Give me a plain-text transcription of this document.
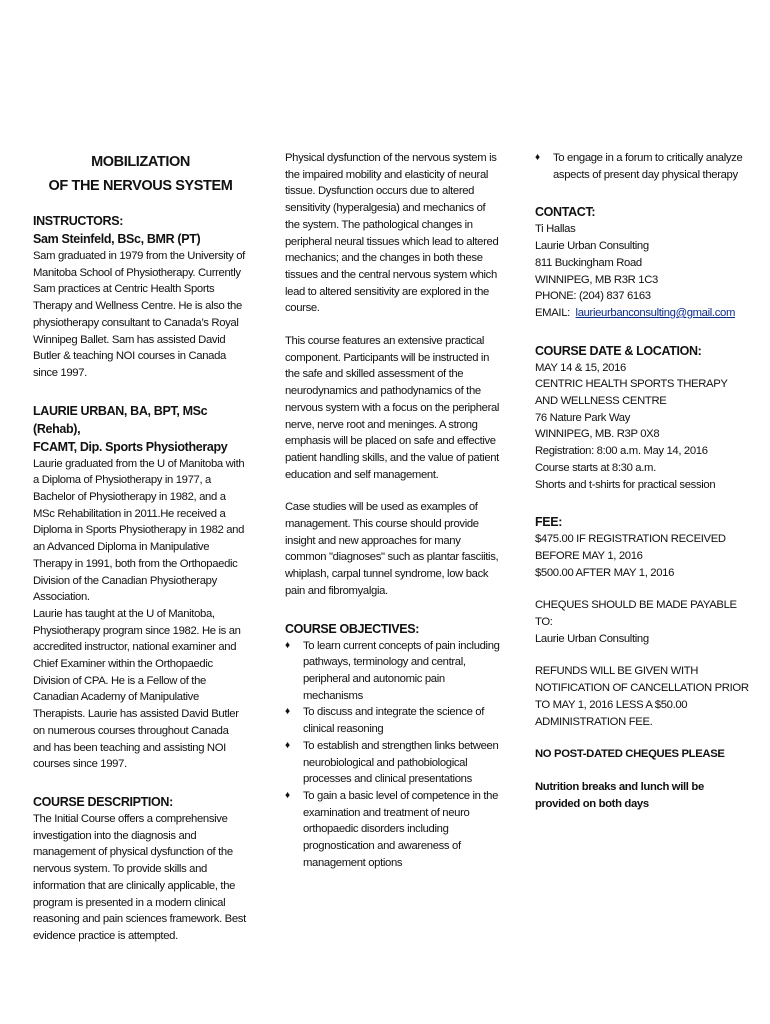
MOBILIZATION
OF THE NERVOUS SYSTEM

INSTRUCTORS:

Sam Steinfeld, BSc, BMR (PT)

Sam graduated in 1979 from the University of Manitoba School of Physiotherapy. Currently Sam practices at Centric Health Sports Therapy and Wellness Centre. He is also the physiotherapy consultant to Canada’s Royal Winnipeg Ballet. Sam has assisted David Butler & teaching NOI courses in Canada since 1997.

LAURIE URBAN, BA, BPT, MSc (Rehab),

FCAMT, Dip. Sports Physiotherapy

Laurie graduated from the U of Manitoba with a Diploma of Physiotherapy in 1977, a Bachelor of Physiotherapy in 1982, and a MSc Rehabilitation in 2011.He received a Diploma in Sports Physiotherapy in 1982 and an Advanced Diploma in Manipulative Therapy in 1991, both from the Orthopaedic Division of the Canadian Physiotherapy Association.

Laurie has taught at the U of Manitoba, Physiotherapy program since 1982. He is an accredited instructor, national examiner and Chief Examiner within the Orthopaedic Division of CPA. He is a Fellow of the Canadian Academy of Manipulative Therapists. Laurie has assisted David Butler on numerous courses throughout Canada and has been teaching and assisting NOI courses since 1997.

COURSE DESCRIPTION:

The Initial Course offers a comprehensive investigation into the diagnosis and management of physical dysfunction of the nervous system. To provide skills and information that are clinically applicable, the program is presented in a modern clinical reasoning and pain sciences framework. Best evidence practice is attempted.

Physical dysfunction of the nervous system is the impaired mobility and elasticity of neural tissue. Dysfunction occurs due to altered sensitivity (hyperalgesia) and mechanics of the system. The pathological changes in peripheral neural tissues which lead to altered mechanics; and the changes in both these tissues and the central nervous system which lead to altered sensitivity are explored in the course.

This course features an extensive practical component. Participants will be instructed in the safe and skilled assessment of the neurodynamics and pathodynamics of the nervous system with a focus on the peripheral nerve, nerve root and meninges. A strong emphasis will be placed on safe and effective patient handling skills, and the value of patient education and self management.

Case studies will be used as examples of management. This course should provide insight and new approaches for many common "diagnoses" such as plantar fasciitis, whiplash, carpal tunnel syndrome, low back pain and fibromyalgia.

COURSE OBJECTIVES:

♦ To learn current concepts of pain including pathways, terminology and central, peripheral and autonomic pain mechanisms
♦ To discuss and integrate the science of clinical reasoning
♦ To establish and strengthen links between neurobiological and pathobiological processes and clinical presentations
♦ To gain a basic level of competence in the examination and treatment of neuro orthopaedic disorders including prognostication and awareness of management options
♦ To engage in a forum to critically analyze aspects of present day physical therapy

CONTACT:

Ti Hallas

Laurie Urban Consulting

811 Buckingham Road

WINNIPEG, MB R3R 1C3

PHONE: (204) 837 6163

EMAIL: laurieurbanconsulting@gmail.com

COURSE DATE & LOCATION:

MAY 14 & 15, 2016

CENTRIC HEALTH SPORTS THERAPY AND WELLNESS CENTRE

76 Nature Park Way

WINNIPEG, MB. R3P 0X8

Registration: 8:00 a.m. May 14, 2016

Course starts at 8:30 a.m.

Shorts and t-shirts for practical session

FEE:

$475.00 IF REGISTRATION RECEIVED BEFORE MAY 1, 2016

$500.00 AFTER MAY 1, 2016

CHEQUES SHOULD BE MADE PAYABLE TO:

Laurie Urban Consulting

REFUNDS WILL BE GIVEN WITH NOTIFICATION OF CANCELLATION PRIOR TO MAY 1, 2016 LESS A $50.00 ADMINISTRATION FEE.

NO POST-DATED CHEQUES PLEASE

Nutrition breaks and lunch will be provided on both days
